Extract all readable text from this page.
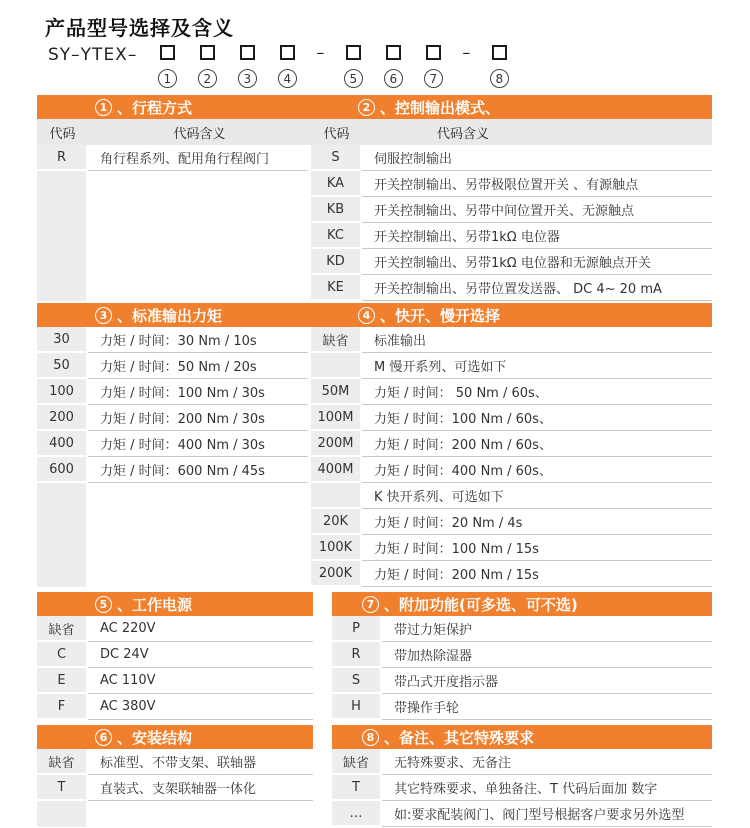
产品型号选择及含义
SY–YTEX–
1	2	3	4
–
5	6	7
–
8
1 、行程方式	2 、控制输出模式、
代码	代码含义	代码	代码含义
R	角行程系列、配用角行程阀门	S	伺服控制输出
KA	开关控制输出、另带极限位置开关 、有源触点
KB	开关控制输出、另带中间位置开关、无源触点
KC	开关控制输出、另带1kΩ 电位器
KD	开关控制输出、另带1kΩ 电位器和无源触点开关
KE	开关控制输出、另带位置发送器、 DC 4~ 20 mA
3 、标准输出力矩	4 、快开、慢开选择
30	力矩 / 时间：30 Nm / 10s
50	力矩 / 时间：50 Nm / 20s
100	力矩 / 时间：100 Nm / 30s
200	力矩 / 时间：200 Nm / 30s
400	力矩 / 时间：400 Nm / 30s
600	力矩 / 时间：600 Nm / 45s
缺省	标准输出
M 慢开系列、可选如下
50M	力矩 / 时间： 50 Nm / 60s、
100M	力矩 / 时间：100 Nm / 60s、
200M	力矩 / 时间：200 Nm / 60s、
400M	力矩 / 时间：400 Nm / 60s、
K 快开系列、可选如下
20K	力矩 / 时间：20 Nm / 4s
100K	力矩 / 时间：100 Nm / 15s
200K	力矩 / 时间：200 Nm / 15s
5 、工作电源	7 、附加功能(可多选、可不选)
缺省	AC 220V
C	DC 24V
E	AC 110V
F	AC 380V
P	带过力矩保护
R	带加热除湿器
S	带凸式开度指示器
H	带操作手轮
6 、安装结构	8 、备注、其它特殊要求
缺省	标准型、不带支架、联轴器
T	直装式、支架联轴器一体化
缺省	无特殊要求、无备注
T	其它特殊要求、单独备注、T 代码后面加 数字
…	如:要求配装阀门、阀门型号根据客户要求另外选型
